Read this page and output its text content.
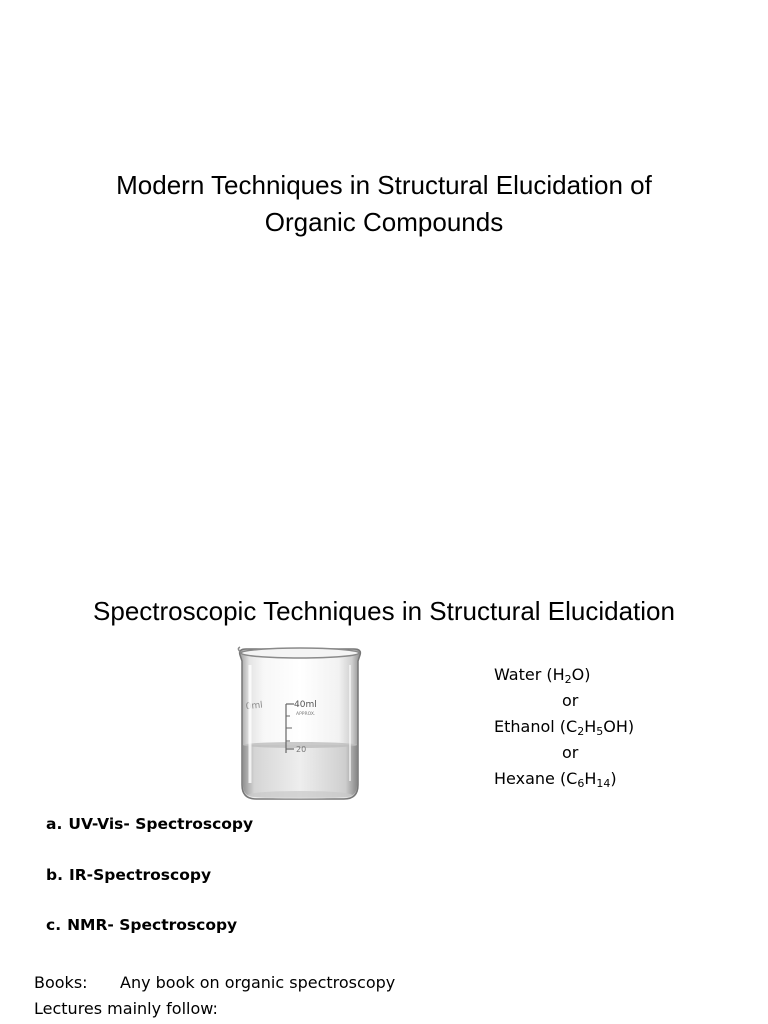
Modern Techniques in Structural Elucidation of
Organic Compounds
Spectroscopic Techniques in Structural Elucidation
40ml
APPROX.
20
0ml
Water $(H_2O)$
or
Ethanol $(C_2H_5OH)$
or
Hexane $(C_6H_{14})$
a. UV-Vis- Spectroscopy
b. IR-Spectroscopy
c. NMR- Spectroscopy
Books: Any book on organic spectroscopy
Lectures mainly follow:
